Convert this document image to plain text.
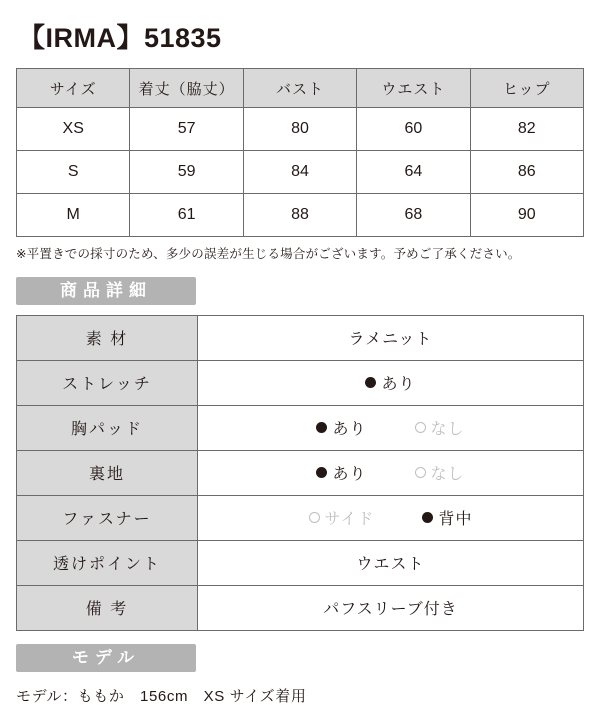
【IRMA】51835
サイズ	着丈（脇丈）	バスト	ウエスト	ヒップ
XS	57	80	60	82
S	59	84	64	86
M	61	88	68	90
※平置きでの採寸のため、多少の誤差が生じる場合がございます。予めご了承ください。
商品詳細
素 材	ラメニット
ストレッチ	あり
胸パッド	あり なし

裏地	あり なし

ファスナー	サイド 背中

透けポイント	ウエスト
備 考	パフスリーブ付き
モデル
モデル：ももか　156cm　XS サイズ着用
